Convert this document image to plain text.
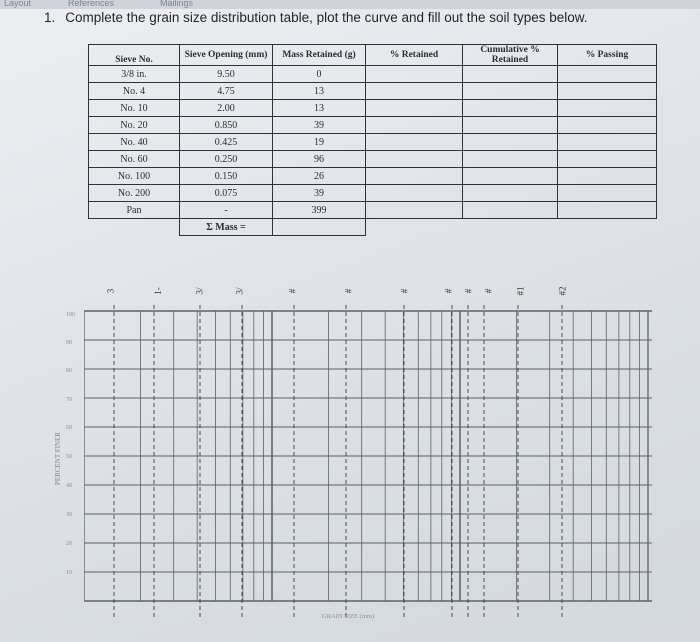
Layout	References	Mailings
1. Complete the grain size distribution table, plot the curve and fill out the soil types below.
Sieve No.	Sieve Opening (mm)	Mass Retained (g)	% Retained	Cumulative % Retained	% Passing
3/8 in.	9.50	0			
No. 4	4.75	13			
No. 10	2.00	13			
No. 20	0.850	39			
No. 40	0.425	19			
No. 60	0.250	96			
No. 100	0.150	26			
No. 200	0.075	39			
Pan	-	399			
	Σ Mass =				
3	1-	3/	3/	#	#	#	# # # #1	#2
100
90
80
70
60
50
40
30
20
10
PERCENT FINER
GRAIN SIZE (mm)
